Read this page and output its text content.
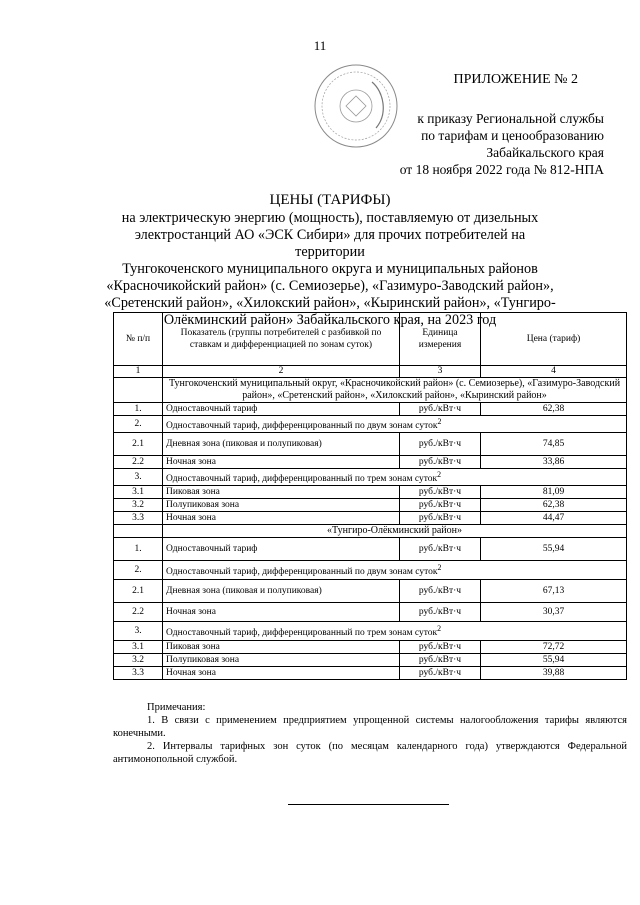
11
ПРИЛОЖЕНИЕ № 2
к приказу Региональной службы
по тарифам и ценообразованию
Забайкальского края
от 18 ноября 2022 года № 812-НПА
ЦЕНЫ (ТАРИФЫ)
на электрическую энергию (мощность), поставляемую от дизельных
электростанций АО «ЭСК Сибири» для прочих потребителей на территории
Тунгокоченского муниципального округа и муниципальных районов
«Красночикойский район» (с. Семиозерье), «Газимуро-Заводский район»,
«Сретенский район», «Хилокский район», «Кыринский район», «Тунгиро-
Олёкминский район» Забайкальского края, на 2023 год
№ п/п	Показатель (группы потребителей с разбивкой по ставкам и дифференциацией по зонам суток)	Единица измерения	Цена (тариф)
1	2	3	4
	Тунгокоченский муниципальный округ, «Красночикойский район» (с. Семиозерье), «Газимуро-Заводский район», «Сретенский район», «Хилокский район», «Кыринский район»		
1.	Одноставочный тариф	руб./кВт·ч	62,38
2.	Одноставочный тариф, дифференцированный по двум зонам суток$^2$
2.1	Дневная зона (пиковая и полупиковая)	руб./кВт·ч	74,85
2.2	Ночная зона	руб./кВт·ч	33,86
3.	Одноставочный тариф, дифференцированный по трем зонам суток$^2$
3.1	Пиковая зона	руб./кВт·ч	81,09
3.2	Полупиковая зона	руб./кВт·ч	62,38
3.3	Ночная зона	руб./кВт·ч	44,47
	«Тунгиро-Олёкминский район»		
1.	Одноставочный тариф	руб./кВт·ч	55,94
2.	Одноставочный тариф, дифференцированный по двум зонам суток$^2$
2.1	Дневная зона (пиковая и полупиковая)	руб./кВт·ч	67,13
2.2	Ночная зона	руб./кВт·ч	30,37
3.	Одноставочный тариф, дифференцированный по трем зонам суток$^2$
3.1	Пиковая зона	руб./кВт·ч	72,72
3.2	Полупиковая зона	руб./кВт·ч	55,94
3.3	Ночная зона	руб./кВт·ч	39,88

Примечания:

1. В связи с применением предприятием упрощенной системы налогообложения тарифы являются конечными.

2. Интервалы тарифных зон суток (по месяцам календарного года) утверждаются Федеральной антимонопольной службой.
